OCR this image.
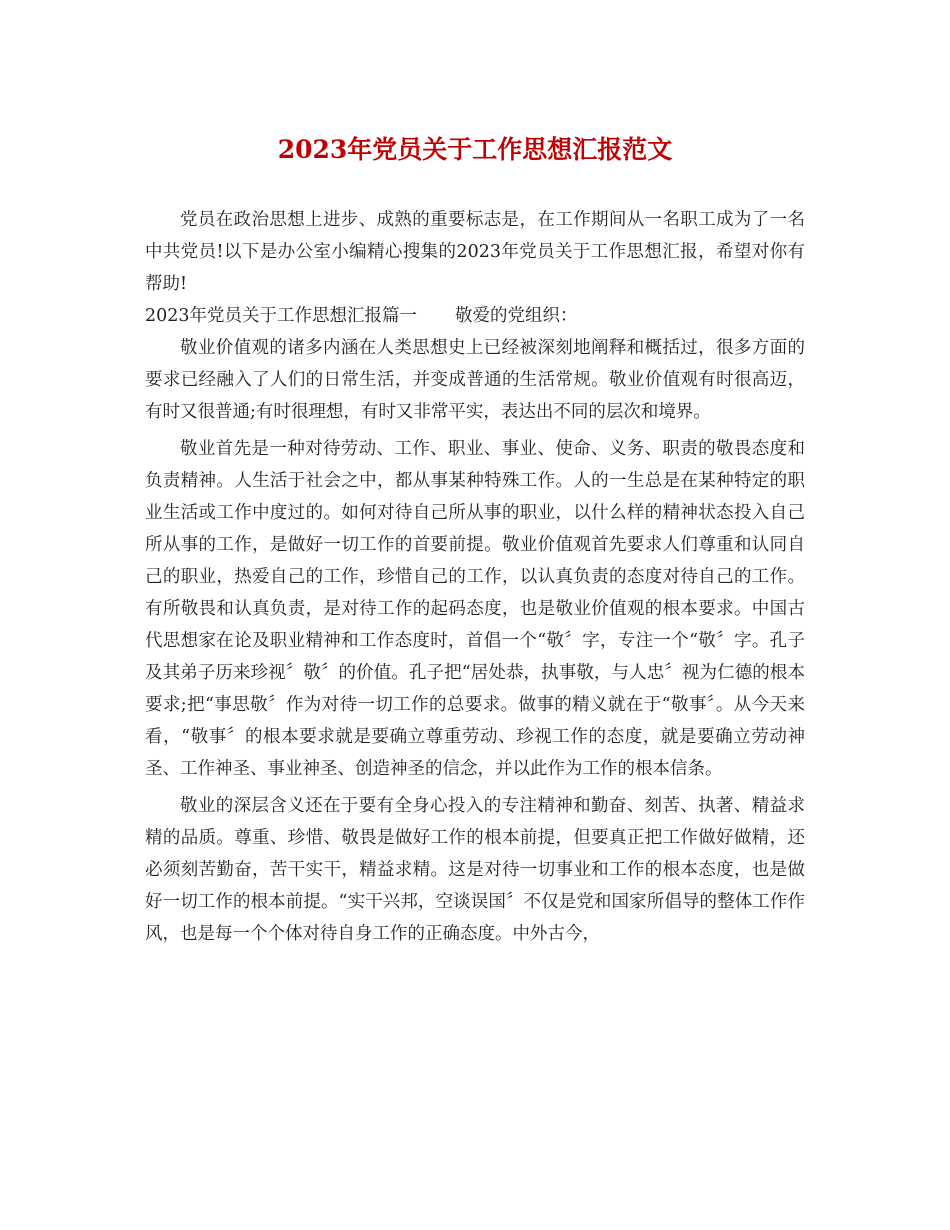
2023年党员关于工作思想汇报范文

党员在政治思想上进步、成熟的重要标志是，在工作期间从一名职工成为了一名中共党员!以下是办公室小编精心搜集的2023年党员关于工作思想汇报，希望对你有帮助!

2023年党员关于工作思想汇报篇一 敬爱的党组织：

敬业价值观的诸多内涵在人类思想史上已经被深刻地阐释和概括过，很多方面的要求已经融入了人们的日常生活，并变成普通的生活常规。敬业价值观有时很高迈，有时又很普通;有时很理想，有时又非常平实，表达出不同的层次和境界。

敬业首先是一种对待劳动、工作、职业、事业、使命、义务、职责的敬畏态度和负责精神。人生活于社会之中，都从事某种特殊工作。人的一生总是在某种特定的职业生活或工作中度过的。如何对待自己所从事的职业，以什么样的精神状态投入自己所从事的工作，是做好一切工作的首要前提。敬业价值观首先要求人们尊重和认同自己的职业，热爱自己的工作，珍惜自己的工作，以认真负责的态度对待自己的工作。有所敬畏和认真负责，是对待工作的起码态度，也是敬业价值观的根本要求。中国古代思想家在论及职业精神和工作态度时，首倡一个“敬〞字，专注一个“敬〞字。孔子及其弟子历来珍视〞敬〞的价值。孔子把“居处恭，执事敬，与人忠〞视为仁德的根本要求;把“事思敬〞作为对待一切工作的总要求。做事的精义就在于“敬事〞。从今天来看，“敬事〞的根本要求就是要确立尊重劳动、珍视工作的态度，就是要确立劳动神圣、工作神圣、事业神圣、创造神圣的信念，并以此作为工作的根本信条。

敬业的深层含义还在于要有全身心投入的专注精神和勤奋、刻苦、执著、精益求精的品质。尊重、珍惜、敬畏是做好工作的根本前提，但要真正把工作做好做精，还必须刻苦勤奋，苦干实干，精益求精。这是对待一切事业和工作的根本态度，也是做好一切工作的根本前提。“实干兴邦，空谈误国〞不仅是党和国家所倡导的整体工作作风，也是每一个个体对待自身工作的正确态度。中外古今，
